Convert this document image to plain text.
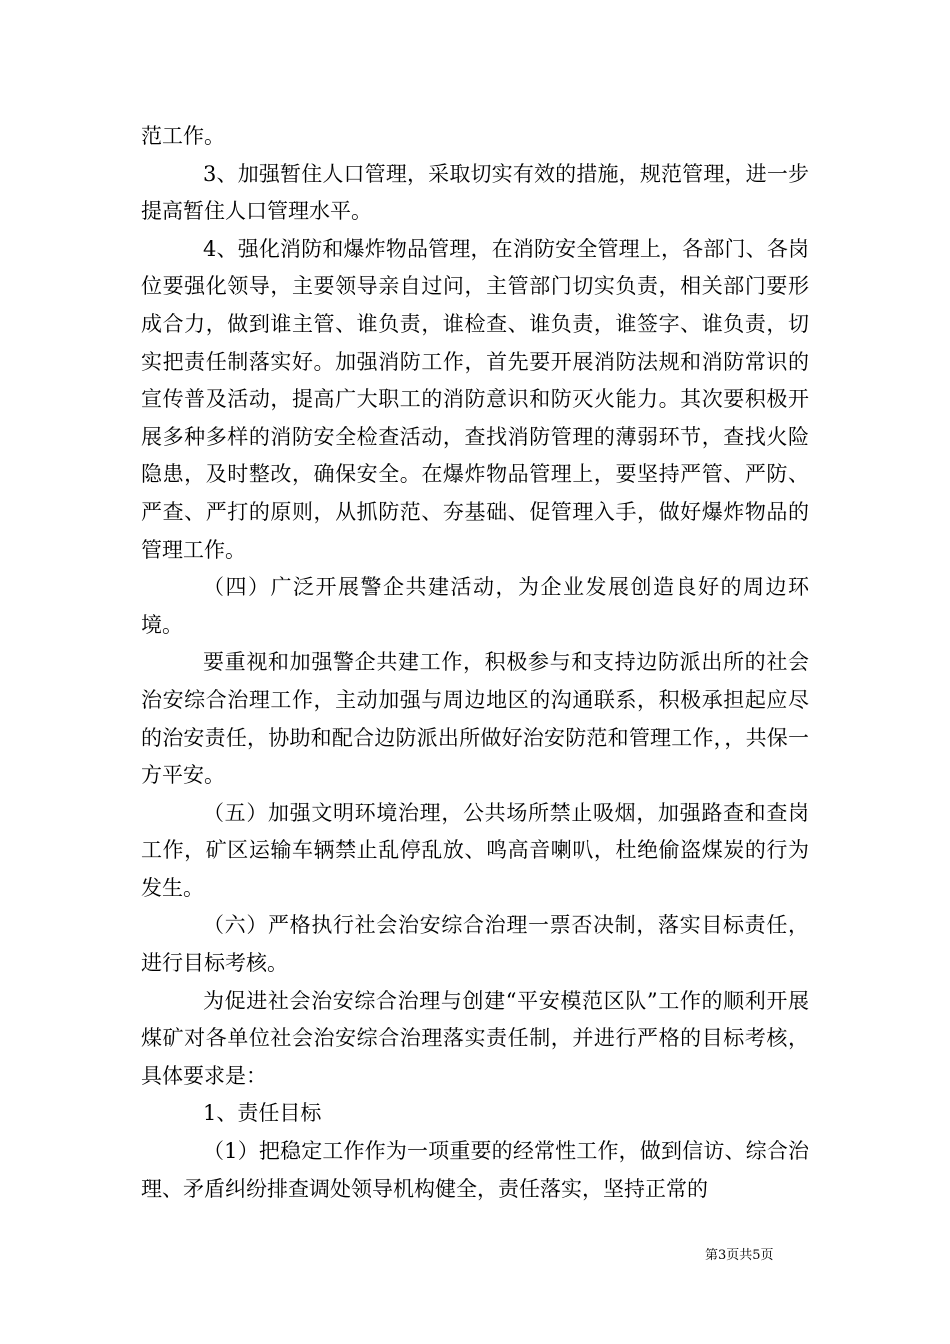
范工作。

3、加强暂住人口管理，采取切实有效的措施，规范管理，进一步提高暂住人口管理水平。

4、强化消防和爆炸物品管理，在消防安全管理上，各部门、各岗位要强化领导，主要领导亲自过问，主管部门切实负责，相关部门要形成合力，做到谁主管、谁负责，谁检查、谁负责，谁签字、谁负责，切实把责任制落实好。加强消防工作，首先要开展消防法规和消防常识的宣传普及活动，提高广大职工的消防意识和防灭火能力。其次要积极开展多种多样的消防安全检查活动，查找消防管理的薄弱环节，查找火险隐患，及时整改，确保安全。在爆炸物品管理上，要坚持严管、严防、严查、严打的原则，从抓防范、夯基础、促管理入手，做好爆炸物品的管理工作。

（四）广泛开展警企共建活动，为企业发展创造良好的周边环境。

要重视和加强警企共建工作，积极参与和支持边防派出所的社会治安综合治理工作，主动加强与周边地区的沟通联系，积极承担起应尽的治安责任，协助和配合边防派出所做好治安防范和管理工作，，共保一方平安。

（五）加强文明环境治理，公共场所禁止吸烟，加强路查和查岗工作，矿区运输车辆禁止乱停乱放、鸣高音喇叭，杜绝偷盗煤炭的行为发生。

（六）严格执行社会治安综合治理一票否决制，落实目标责任，进行目标考核。

为促进社会治安综合治理与创建“平安模范区队”工作的顺利开展煤矿对各单位社会治安综合治理落实责任制，并进行严格的目标考核，具体要求是：

1、责任目标

（1）把稳定工作作为一项重要的经常性工作，做到信访、综合治理、矛盾纠纷排查调处领导机构健全，责任落实，坚持正常的

第3页共5页
